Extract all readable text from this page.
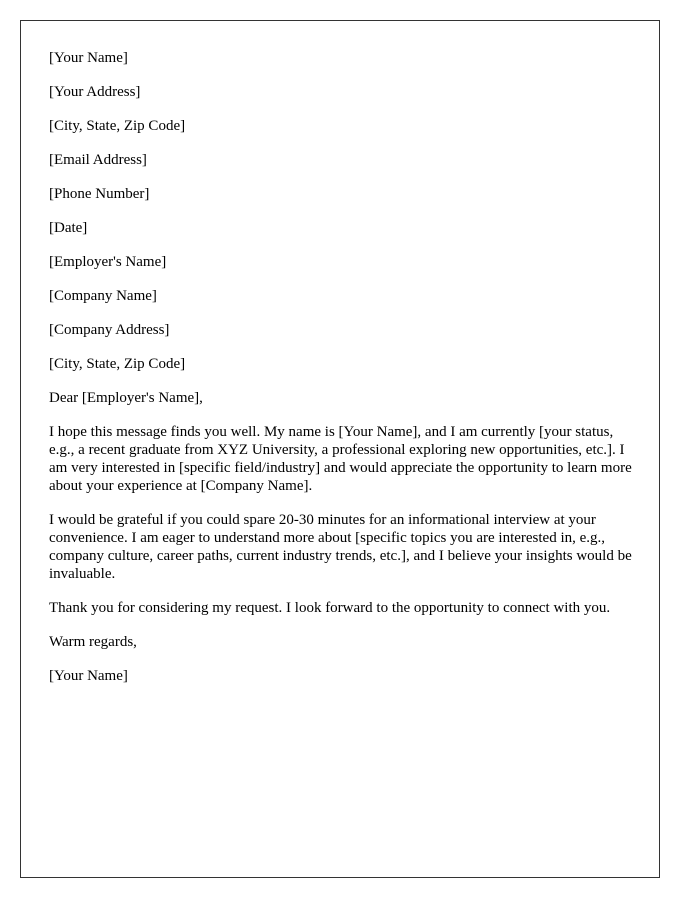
[Your Name]
[Your Address]
[City, State, Zip Code]
[Email Address]
[Phone Number]
[Date]
[Employer's Name]
[Company Name]
[Company Address]
[City, State, Zip Code]
Dear [Employer's Name],

I hope this message finds you well. My name is [Your Name], and I am currently [your status, e.g., a recent graduate from XYZ University, a professional exploring new opportunities, etc.]. I am very interested in [specific field/industry] and would appreciate the opportunity to learn more about your experience at [Company Name].

I would be grateful if you could spare 20-30 minutes for an informational interview at your convenience. I am eager to understand more about [specific topics you are interested in, e.g., company culture, career paths, current industry trends, etc.], and I believe your insights would be invaluable.

Thank you for considering my request. I look forward to the opportunity to connect with you.

Warm regards,
[Your Name]
